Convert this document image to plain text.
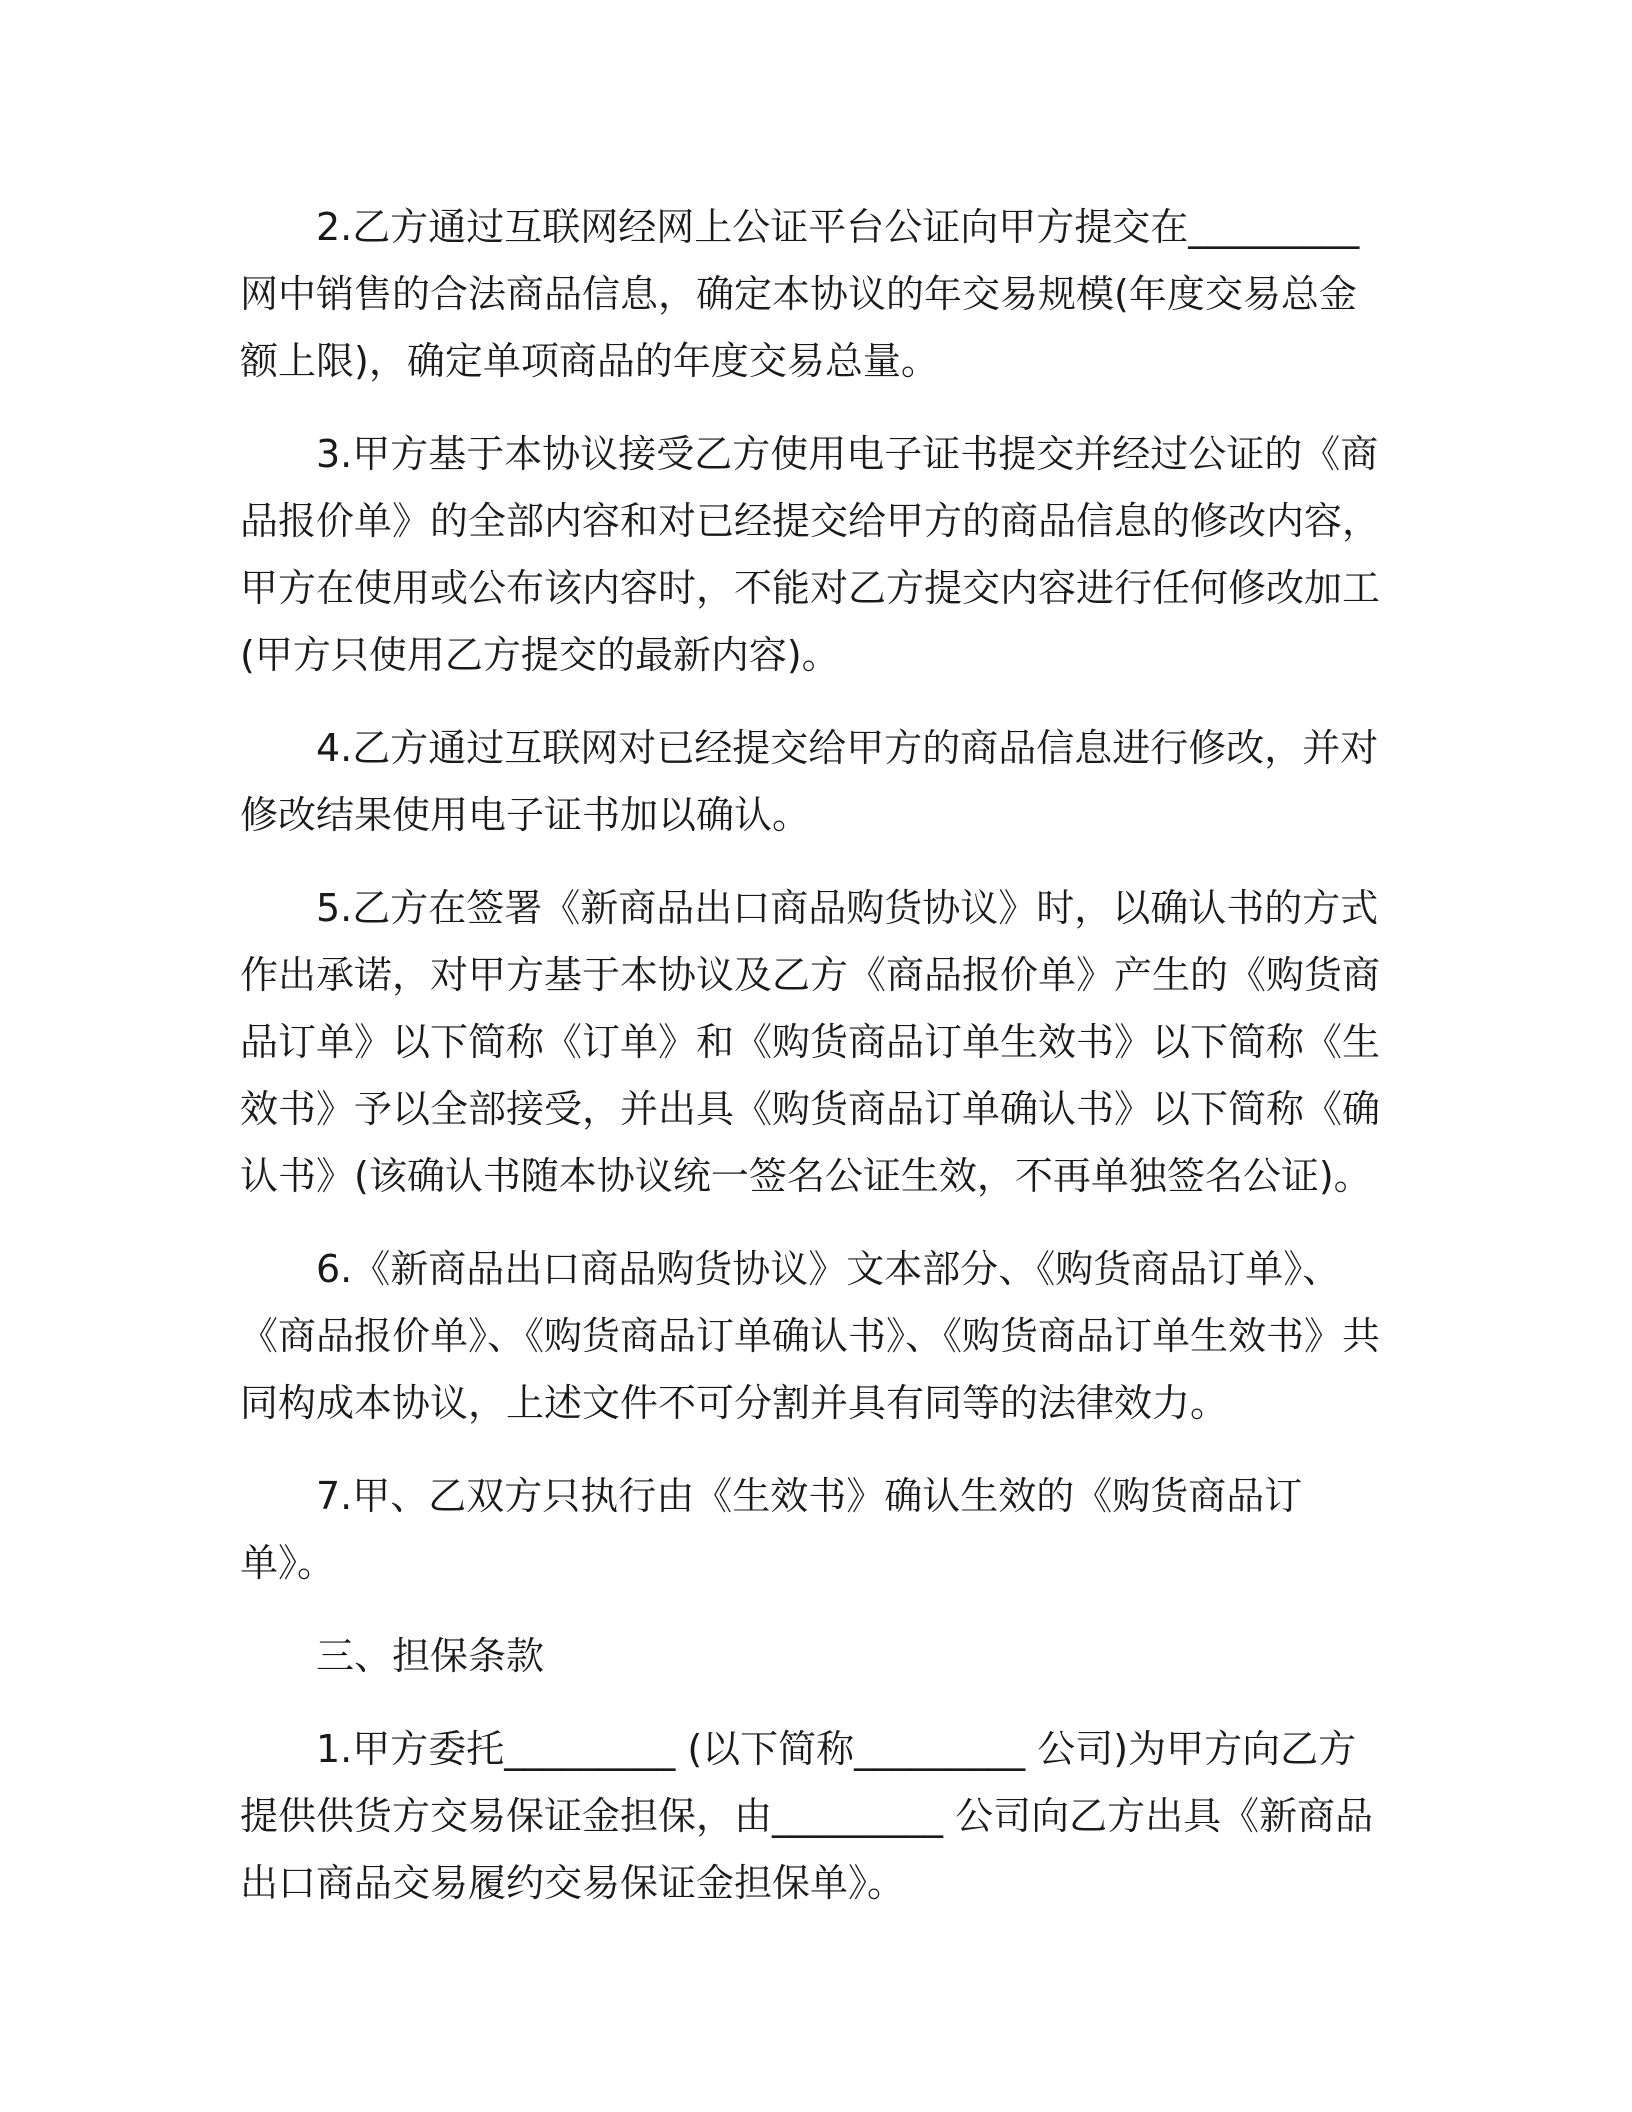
　　2.乙方通过互联网经网上公证平台公证向甲方提交在_________网中销售的合法商品信息，确定本协议的年交易规模(年度交易总金额上限)，确定单项商品的年度交易总量。

　　3.甲方基于本协议接受乙方使用电子证书提交并经过公证的《商品报价单》的全部内容和对已经提交给甲方的商品信息的修改内容，甲方在使用或公布该内容时，不能对乙方提交内容进行任何修改加工(甲方只使用乙方提交的最新内容)。

　　4.乙方通过互联网对已经提交给甲方的商品信息进行修改，并对修改结果使用电子证书加以确认。

　　5.乙方在签署《新商品出口商品购货协议》时，以确认书的方式作出承诺，对甲方基于本协议及乙方《商品报价单》产生的《购货商品订单》以下简称《订单》和《购货商品订单生效书》以下简称《生效书》予以全部接受，并出具《购货商品订单确认书》以下简称《确认书》(该确认书随本协议统一签名公证生效，不再单独签名公证)。

　　6.《新商品出口商品购货协议》文本部分、《购货商品订单》、《商品报价单》、《购货商品订单确认书》、《购货商品订单生效书》共同构成本协议，上述文件不可分割并具有同等的法律效力。

　　7.甲、乙双方只执行由《生效书》确认生效的《购货商品订单》。

　　三、担保条款

　　1.甲方委托_________ (以下简称_________ 公司)为甲方向乙方提供供货方交易保证金担保，由_________ 公司向乙方出具《新商品出口商品交易履约交易保证金担保单》。
